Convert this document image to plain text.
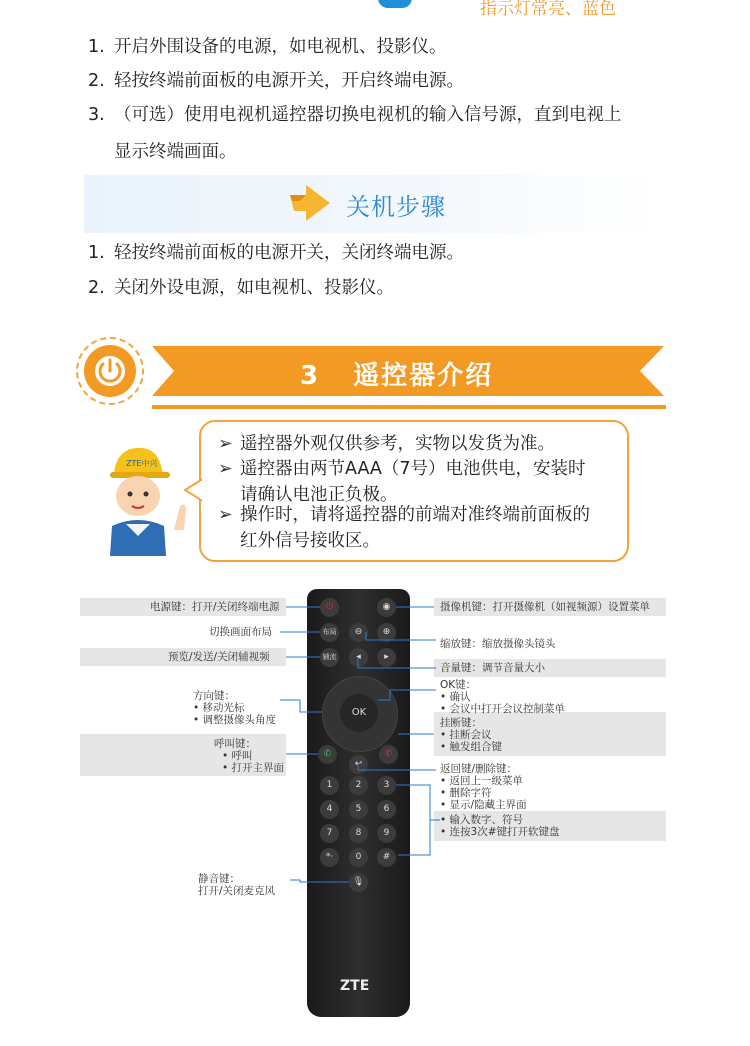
指示灯常亮、蓝色
1. 开启外围设备的电源，如电视机、投影仪。
2. 轻按终端前面板的电源开关，开启终端电源。
3. （可选）使用电视机遥控器切换电视机的输入信号源，直到电视上
显示终端画面。
关机步骤
1. 轻按终端前面板的电源开关，关闭终端电源。
2. 关闭外设电源，如电视机、投影仪。
3 遥控器介绍
ZTE中兴
➢ 遥控器外观仅供参考，实物以发货为准。
➢ 遥控器由两节AAA（7号）电池供电，安装时
请确认电池正负极。
➢ 操作时，请将遥控器的前端对准终端前面板的
红外信号接收区。
⏻	◉
布局	⊖	⊕
辅流	◂	▸
OK
✆	✆
↩
1	2	3
4	5	6
7	8	9
*·	0	#
🎙
ZTE
电源键：打开/关闭终端电源
切换画面布局
预览/发送/关闭辅视频
方向键：
• 移动光标
• 调整摄像头角度
呼叫键：
• 呼叫
• 打开主界面
静音键：
打开/关闭麦克风
摄像机键：打开摄像机（如视频源）设置菜单
缩放键：缩放摄像头镜头
音量键：调节音量大小
OK键：
• 确认
• 会议中打开会议控制菜单
挂断键：
• 挂断会议
• 触发组合键
返回键/删除键：
• 返回上一级菜单
• 删除字符
• 显示/隐藏主界面
• 输入数字、符号
• 连按3次#键打开软键盘
